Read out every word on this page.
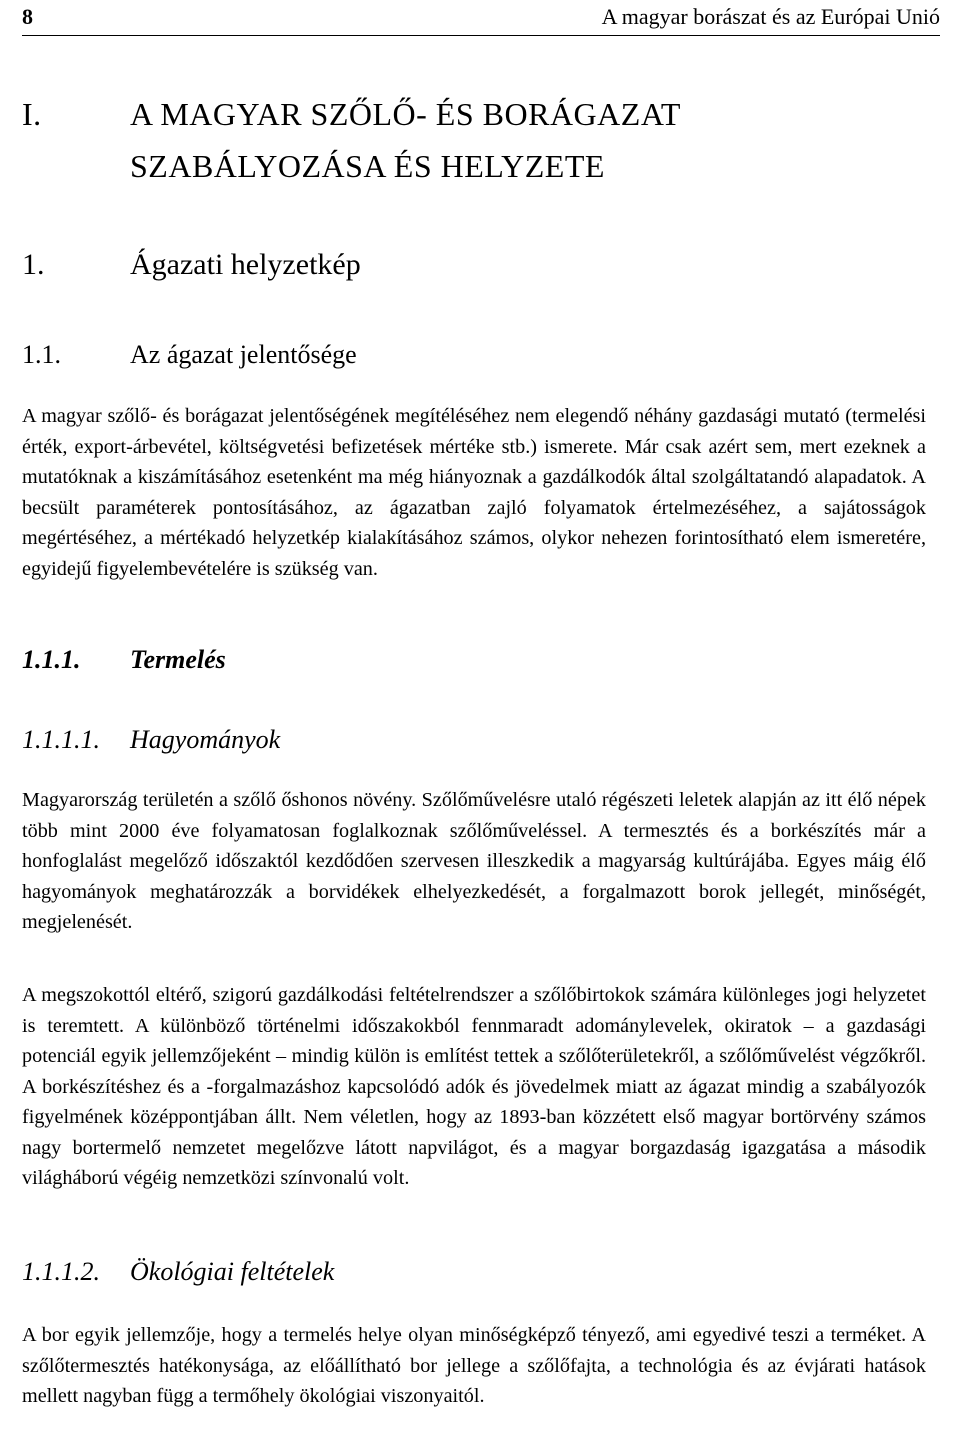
8	A magyar borászat és az Európai Unió
I.	A MAGYAR SZŐLŐ- ÉS BORÁGAZAT
SZABÁLYOZÁSA ÉS HELYZETE
1.	Ágazati helyzetkép
1.1.	Az ágazat jelentősége

A magyar szőlő- és borágazat jelentőségének megítéléséhez nem elegendő néhány gazdasági mutató (termelési érték, export-árbevétel, költségvetési befizetések mértéke stb.) ismerete. Már csak azért sem, mert ezeknek a mutatóknak a kiszámításához esetenként ma még hiányoznak a gazdálkodók által szolgáltatandó alapadatok. A becsült paraméterek pontosításához, az ágazatban zajló folyamatok értelmezéséhez, a sajátosságok megértéséhez, a mértékadó helyzetkép kialakításához számos, olykor nehezen forintosítható elem ismeretére, egyidejű figyelembevételére is szükség van.

1.1.1. Termelés
1.1.1.1. Hagyományok

Magyarország területén a szőlő őshonos növény. Szőlőművelésre utaló régészeti leletek alapján az itt élő népek több mint 2000 éve folyamatosan foglalkoznak szőlőműveléssel. A termesztés és a borkészítés már a honfoglalást megelőző időszaktól kezdődően szervesen illeszkedik a magyarság kultúrájába. Egyes máig élő hagyományok meghatározzák a borvidékek elhelyezkedését, a forgalmazott borok jellegét, minőségét, megjelenését.

A megszokottól eltérő, szigorú gazdálkodási feltételrendszer a szőlőbirtokok számára különleges jogi helyzetet is teremtett. A különböző történelmi időszakokból fennmaradt adománylevelek, okiratok – a gazdasági potenciál egyik jellemzőjeként – mindig külön is említést tettek a szőlőterületekről, a szőlőművelést végzőkről. A borkészítéshez és a -forgalmazáshoz kapcsolódó adók és jövedelmek miatt az ágazat mindig a szabályozók figyelmének középpontjában állt. Nem véletlen, hogy az 1893-ban közzétett első magyar bortörvény számos nagy bortermelő nemzetet megelőzve látott napvilágot, és a magyar borgazdaság igazgatása a második világháború végéig nemzetközi színvonalú volt.

1.1.1.2. Ökológiai feltételek

A bor egyik jellemzője, hogy a termelés helye olyan minőségképző tényező, ami egyedivé teszi a terméket. A szőlőtermesztés hatékonysága, az előállítható bor jellege a szőlőfajta, a technológia és az évjárati hatások mellett nagyban függ a termőhely ökológiai viszonyaitól.
